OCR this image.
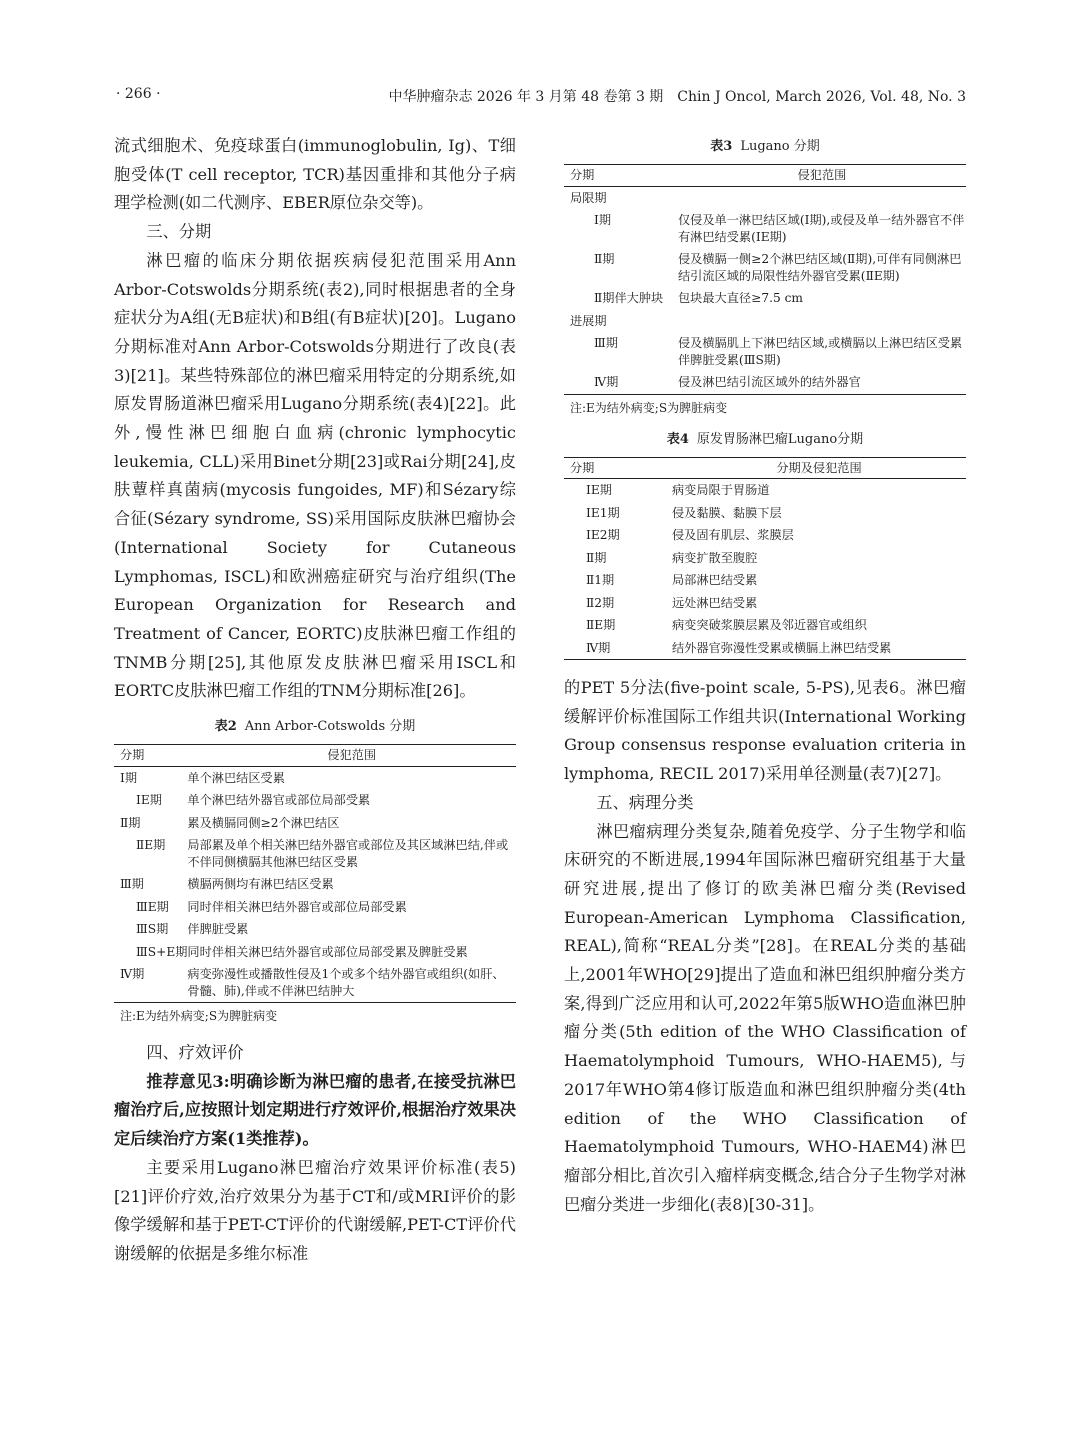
· 266 ·	中华肿瘤杂志 2026 年 3 月第 48 卷第 3 期　Chin J Oncol, March 2026, Vol. 48, No. 3

流式细胞术、免疫球蛋白(immunoglobulin, Ig)、T细胞受体(T cell receptor, TCR)基因重排和其他分子病理学检测(如二代测序、EBER原位杂交等)。

三、分期

淋巴瘤的临床分期依据疾病侵犯范围采用Ann Arbor-Cotswolds分期系统(表2),同时根据患者的全身症状分为A组(无B症状)和B组(有B症状)[20]。Lugano分期标准对Ann Arbor-Cotswolds分期进行了改良(表3)[21]。某些特殊部位的淋巴瘤采用特定的分期系统,如原发胃肠道淋巴瘤采用Lugano分期系统(表4)[22]。此外,慢性淋巴细胞白血病(chronic lymphocytic leukemia, CLL)采用Binet分期[23]或Rai分期[24],皮肤蕈样真菌病(mycosis fungoides, MF)和Sézary综合征(Sézary syndrome, SS)采用国际皮肤淋巴瘤协会(International Society for Cutaneous Lymphomas, ISCL)和欧洲癌症研究与治疗组织(The European Organization for Research and Treatment of Cancer, EORTC)皮肤淋巴瘤工作组的TNMB分期[25],其他原发皮肤淋巴瘤采用ISCL和EORTC皮肤淋巴瘤工作组的TNM分期标准[26]。

表2 Ann Arbor-Cotswolds 分期
分期	侵犯范围
Ⅰ期	单个淋巴结区受累
ⅠE期	单个淋巴结外器官或部位局部受累
Ⅱ期	累及横膈同侧≥2个淋巴结区
ⅡE期	局部累及单个相关淋巴结外器官或部位及其区域淋巴结,伴或不伴同侧横膈其他淋巴结区受累
Ⅲ期	横膈两侧均有淋巴结区受累
ⅢE期	同时伴相关淋巴结外器官或部位局部受累
ⅢS期	伴脾脏受累
ⅢS+E期	同时伴相关淋巴结外器官或部位局部受累及脾脏受累
Ⅳ期	病变弥漫性或播散性侵及1个或多个结外器官或组织(如肝、骨髓、肺),伴或不伴淋巴结肿大
注:E为结外病变;S为脾脏病变

四、疗效评价

推荐意见3:明确诊断为淋巴瘤的患者,在接受抗淋巴瘤治疗后,应按照计划定期进行疗效评价,根据治疗效果决定后续治疗方案(1类推荐)。

主要采用Lugano淋巴瘤治疗效果评价标准(表5)[21]评价疗效,治疗效果分为基于CT和/或MRI评价的影像学缓解和基于PET-CT评价的代谢缓解,PET-CT评价代谢缓解的依据是多维尔标准

表3 Lugano 分期
分期	侵犯范围
局限期	
Ⅰ期	仅侵及单一淋巴结区域(Ⅰ期),或侵及单一结外器官不伴有淋巴结受累(ⅠE期)
Ⅱ期	侵及横膈一侧≥2个淋巴结区域(Ⅱ期),可伴有同侧淋巴结引流区域的局限性结外器官受累(ⅡE期)
Ⅱ期伴大肿块	包块最大直径≥7.5 cm
进展期	
Ⅲ期	侵及横膈肌上下淋巴结区域,或横膈以上淋巴结区受累伴脾脏受累(ⅢS期)
Ⅳ期	侵及淋巴结引流区域外的结外器官
注:E为结外病变;S为脾脏病变
表4 原发胃肠淋巴瘤Lugano分期
分期	分期及侵犯范围
ⅠE期	病变局限于胃肠道
ⅠE1期	侵及黏膜、黏膜下层
ⅠE2期	侵及固有肌层、浆膜层
Ⅱ期	病变扩散至腹腔
Ⅱ1期	局部淋巴结受累
Ⅱ2期	远处淋巴结受累
ⅡE期	病变突破浆膜层累及邻近器官或组织
Ⅳ期	结外器官弥漫性受累或横膈上淋巴结受累

的PET 5分法(five-point scale, 5-PS),见表6。淋巴瘤缓解评价标准国际工作组共识(International Working Group consensus response evaluation criteria in lymphoma, RECIL 2017)采用单径测量(表7)[27]。

五、病理分类

淋巴瘤病理分类复杂,随着免疫学、分子生物学和临床研究的不断进展,1994年国际淋巴瘤研究组基于大量研究进展,提出了修订的欧美淋巴瘤分类(Revised European-American Lymphoma Classification, REAL),简称“REAL分类”[28]。在REAL分类的基础上,2001年WHO[29]提出了造血和淋巴组织肿瘤分类方案,得到广泛应用和认可,2022年第5版WHO造血淋巴肿瘤分类(5th edition of the WHO Classification of Haematolymphoid Tumours, WHO-HAEM5),与2017年WHO第4修订版造血和淋巴组织肿瘤分类(4th edition of the WHO Classification of Haematolymphoid Tumours, WHO-HAEM4)淋巴瘤部分相比,首次引入瘤样病变概念,结合分子生物学对淋巴瘤分类进一步细化(表8)[30-31]。
